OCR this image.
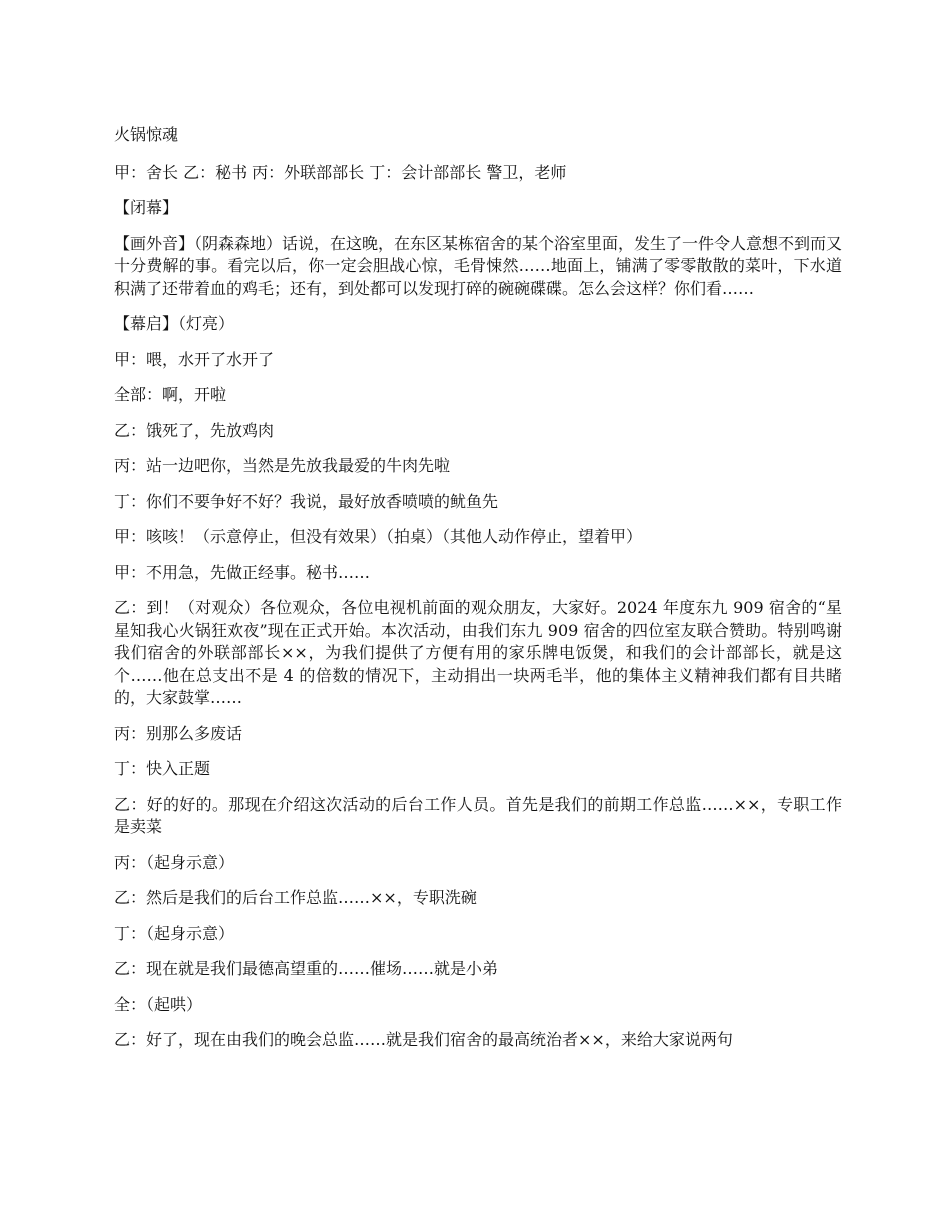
火锅惊魂

甲：舍长 乙：秘书 丙：外联部部长 丁：会计部部长 警卫，老师

【闭幕】

【画外音】（阴森森地）话说，在这晚，在东区某栋宿舍的某个浴室里面，发生了一件令人意想不到而又十分费解的事。看完以后，你一定会胆战心惊，毛骨悚然……地面上，铺满了零零散散的菜叶，下水道积满了还带着血的鸡毛；还有，到处都可以发现打碎的碗碗碟碟。怎么会这样？你们看……

【幕启】（灯亮）

甲：喂，水开了水开了

全部：啊，开啦

乙：饿死了，先放鸡肉

丙：站一边吧你，当然是先放我最爱的牛肉先啦

丁：你们不要争好不好？我说，最好放香喷喷的鱿鱼先

甲：咳咳！（示意停止，但没有效果）（拍桌）（其他人动作停止，望着甲）

甲：不用急，先做正经事。秘书……

乙：到！（对观众）各位观众，各位电视机前面的观众朋友，大家好。2024 年度东九 909 宿舍的“星星知我心火锅狂欢夜”现在正式开始。本次活动，由我们东九 909 宿舍的四位室友联合赞助。特别鸣谢我们宿舍的外联部部长××，为我们提供了方便有用的家乐牌电饭煲，和我们的会计部部长，就是这个……他在总支出不是 4 的倍数的情况下，主动捐出一块两毛半，他的集体主义精神我们都有目共睹的，大家鼓掌……

丙：别那么多废话

丁：快入正题

乙：好的好的。那现在介绍这次活动的后台工作人员。首先是我们的前期工作总监……××，专职工作是卖菜

丙：（起身示意）

乙：然后是我们的后台工作总监……××，专职洗碗

丁：（起身示意）

乙：现在就是我们最德高望重的……催场……就是小弟

全：（起哄）

乙：好了，现在由我们的晚会总监……就是我们宿舍的最高统治者××，来给大家说两句
